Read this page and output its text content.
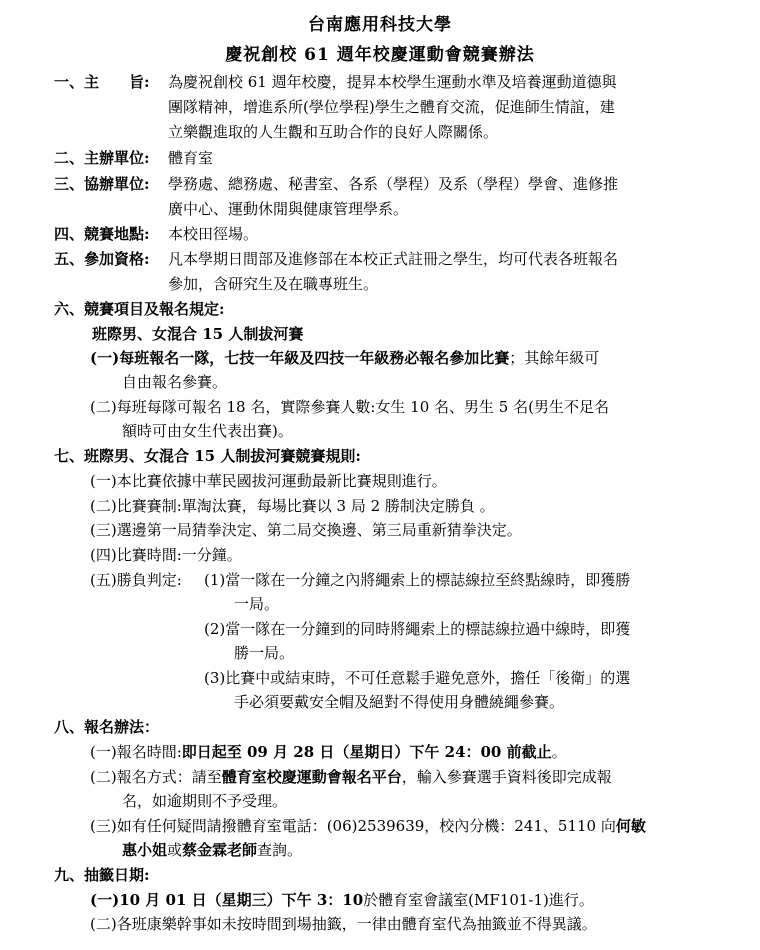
台南應用科技大學
慶祝創校 61 週年校慶運動會競賽辦法
一、主　　旨: 為慶祝創校 61 週年校慶，提昇本校學生運動水準及培養運動道德與
團隊精神，增進系所(學位學程)學生之體育交流，促進師生情誼，建
立樂觀進取的人生觀和互助合作的良好人際關係。
二、主辦單位: 體育室
三、協辦單位: 學務處、總務處、秘書室、各系（學程）及系（學程）學會、進修推
廣中心、運動休閒與健康管理學系。
四、競賽地點: 本校田徑場。
五、參加資格: 凡本學期日間部及進修部在本校正式註冊之學生，均可代表各班報名
參加，含研究生及在職專班生。
六、競賽項目及報名規定:
班際男、女混合 15 人制拔河賽
(一)每班報名一隊，七技一年級及四技一年級務必報名參加比賽；其餘年級可
自由報名參賽。
(二)每班每隊可報名 18 名，實際參賽人數:女生 10 名、男生 5 名(男生不足名
額時可由女生代表出賽)。
七、班際男、女混合 15 人制拔河賽競賽規則:
(一)本比賽依據中華民國拔河運動最新比賽規則進行。
(二)比賽賽制:單淘汰賽，每場比賽以 3 局 2 勝制決定勝負 。
(三)選邊第一局猜拳決定、第二局交換邊、第三局重新猜拳決定。
(四)比賽時間:一分鐘。
(五)勝負判定: (1)當一隊在一分鐘之內將繩索上的標誌線拉至終點線時，即獲勝
一局。
(2)當一隊在一分鐘到的同時將繩索上的標誌線拉過中線時，即獲
勝一局。
(3)比賽中或結束時，不可任意鬆手避免意外，擔任「後衛」的選
手必須要戴安全帽及絕對不得使用身體繞繩參賽。
八、報名辦法：
(一)報名時間:即日起至 09 月 28 日（星期日）下午 24：00 前截止。
(二)報名方式：請至體育室校慶運動會報名平台，輸入參賽選手資料後即完成報
名，如逾期則不予受理。
(三)如有任何疑問請撥體育室電話：(06)2539639，校內分機：241、5110 向何敏
惠小姐或蔡金霖老師查詢。
九、抽籤日期:
(一)10 月 01 日（星期三）下午 3：10於體育室會議室(MF101-1)進行。
(二)各班康樂幹事如未按時間到場抽籤，一律由體育室代為抽籤並不得異議。
